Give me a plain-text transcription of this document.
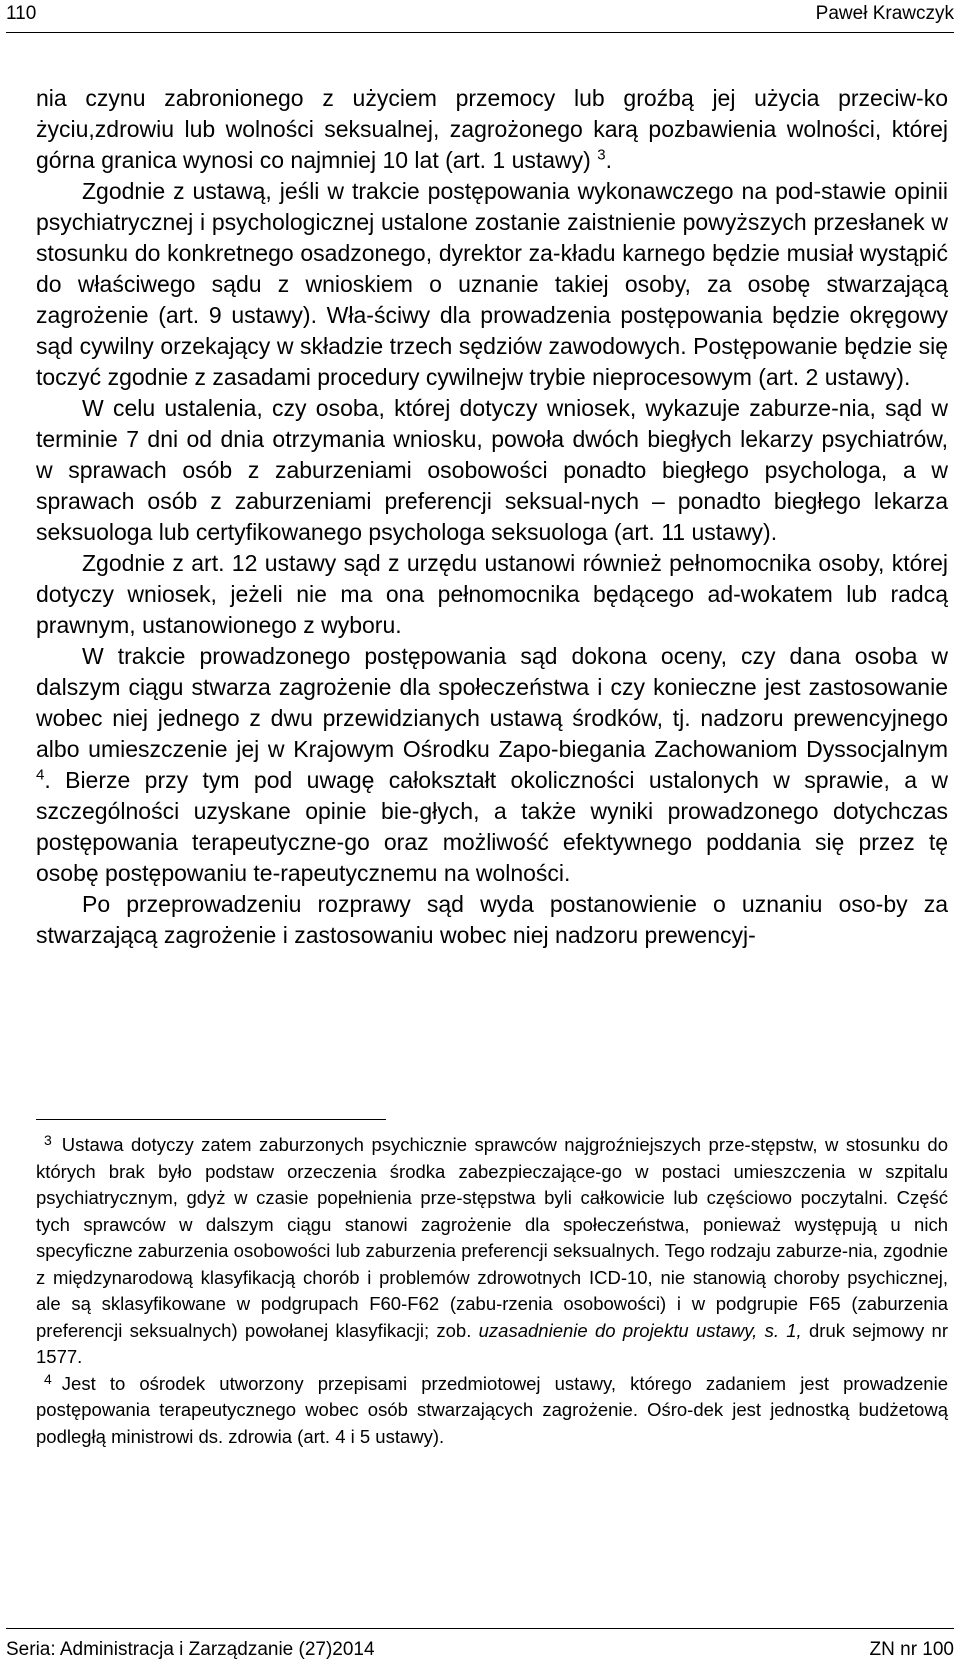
110	Paweł Krawczyk

nia czynu zabronionego z użyciem przemocy lub groźbą jej użycia przeciw-ko życiu,zdrowiu lub wolności seksualnej, zagrożonego karą pozbawienia wolności, której górna granica wynosi co najmniej 10 lat (art. 1 ustawy) $^3$.

Zgodnie z ustawą, jeśli w trakcie postępowania wykonawczego na pod-stawie opinii psychiatrycznej i psychologicznej ustalone zostanie zaistnienie powyższych przesłanek w stosunku do konkretnego osadzonego, dyrektor za-kładu karnego będzie musiał wystąpić do właściwego sądu z wnioskiem o uznanie takiej osoby, za osobę stwarzającą zagrożenie (art. 9 ustawy). Wła-ściwy dla prowadzenia postępowania będzie okręgowy sąd cywilny orzekający w składzie trzech sędziów zawodowych. Postępowanie będzie się toczyć zgodnie z zasadami procedury cywilnejw trybie nieprocesowym (art. 2 ustawy).

W celu ustalenia, czy osoba, której dotyczy wniosek, wykazuje zaburze-nia, sąd w terminie 7 dni od dnia otrzymania wniosku, powoła dwóch biegłych lekarzy psychiatrów, w sprawach osób z zaburzeniami osobowości ponadto biegłego psychologa, a w sprawach osób z zaburzeniami preferencji seksual-nych – ponadto biegłego lekarza seksuologa lub certyfikowanego psychologa seksuologa (art. 11 ustawy).

Zgodnie z art. 12 ustawy sąd z urzędu ustanowi również pełnomocnika osoby, której dotyczy wniosek, jeżeli nie ma ona pełnomocnika będącego ad-wokatem lub radcą prawnym, ustanowionego z wyboru.

W trakcie prowadzonego postępowania sąd dokona oceny, czy dana osoba w dalszym ciągu stwarza zagrożenie dla społeczeństwa i czy konieczne jest zastosowanie wobec niej jednego z dwu przewidzianych ustawą środków, tj. nadzoru prewencyjnego albo umieszczenie jej w Krajowym Ośrodku Zapo-biegania Zachowaniom Dyssocjalnym $^4$. Bierze przy tym pod uwagę całokształt okoliczności ustalonych w sprawie, a w szczególności uzyskane opinie bie-głych, a także wyniki prowadzonego dotychczas postępowania terapeutyczne-go oraz możliwość efektywnego poddania się przez tę osobę postępowaniu te-rapeutycznemu na wolności.

Po przeprowadzeniu rozprawy sąd wyda postanowienie o uznaniu oso-by za stwarzającą zagrożenie i zastosowaniu wobec niej nadzoru prewencyj-

3 Ustawa dotyczy zatem zaburzonych psychicznie sprawców najgroźniejszych prze-stępstw, w stosunku do których brak było podstaw orzeczenia środka zabezpieczające-go w postaci umieszczenia w szpitalu psychiatrycznym, gdyż w czasie popełnienia prze-stępstwa byli całkowicie lub częściowo poczytalni. Część tych sprawców w dalszym ciągu stanowi zagrożenie dla społeczeństwa, ponieważ występują u nich specyficzne zaburzenia osobowości lub zaburzenia preferencji seksualnych. Tego rodzaju zaburze-nia, zgodnie z międzynarodową klasyfikacją chorób i problemów zdrowotnych ICD-10, nie stanowią choroby psychicznej, ale są sklasyfikowane w podgrupach F60-F62 (zabu-rzenia osobowości) i w podgrupie F65 (zaburzenia preferencji seksualnych) powołanej klasyfikacji; zob. uzasadnienie do projektu ustawy, s. 1, druk sejmowy nr 1577.

4 Jest to ośrodek utworzony przepisami przedmiotowej ustawy, którego zadaniem jest prowadzenie postępowania terapeutycznego wobec osób stwarzających zagrożenie. Ośro-dek jest jednostką budżetową podległą ministrowi ds. zdrowia (art. 4 i 5 ustawy).

Seria: Administracja i Zarządzanie (27)2014	ZN nr 100
